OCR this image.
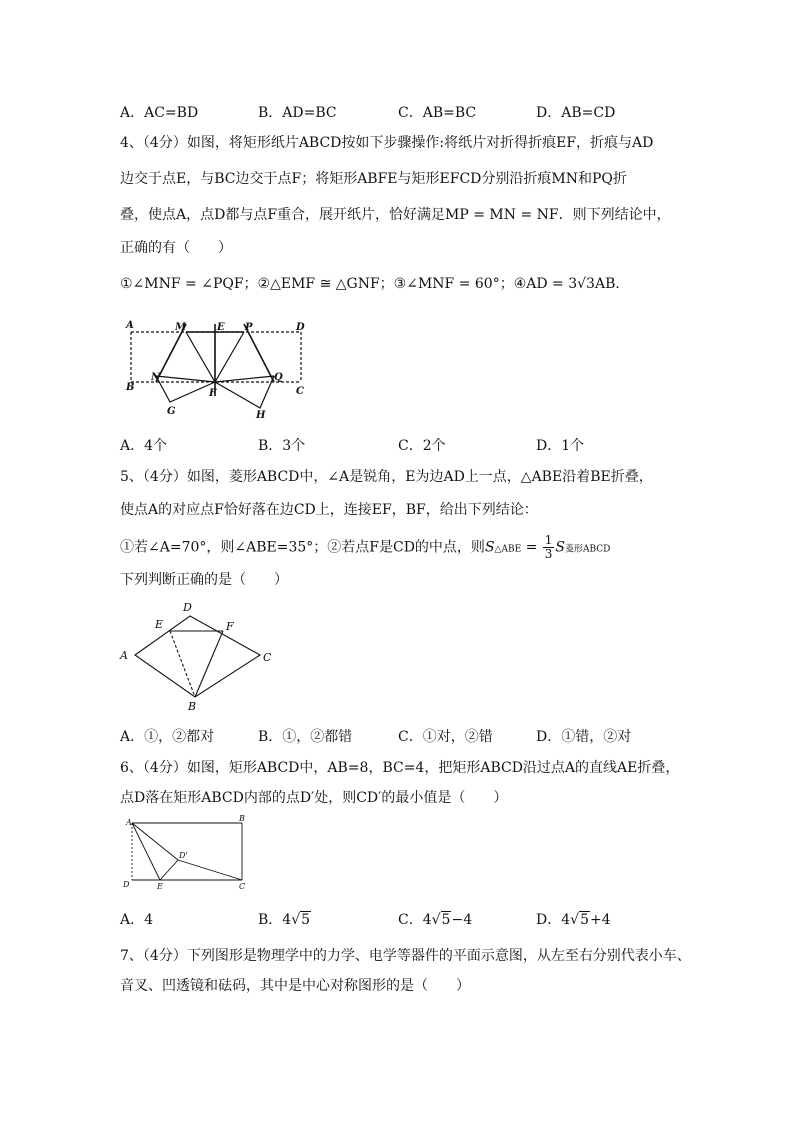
A．AC=BD	B．AD=BC	C．AB=BC	D．AB=CD
4、（4分）如图，将矩形纸片ABCD按如下步骤操作:将纸片对折得折痕EF，折痕与AD
边交于点E，与BC边交于点F；将矩形ABFE与矩形EFCD分别沿折痕MN和PQ折
叠，使点A，点D都与点F重合，展开纸片，恰好满足MP = MN = NF．则下列结论中，
正确的有（　　）
①∠MNF = ∠PQF；②△EMF ≅ △GNF；③∠MNF = 60°；④AD = 3√3AB．
A	M	E P	D
N	Q
B
F	C
G	H
A．4个	B．3个	C．2个	D．1个
5、（4分）如图，菱形ABCD中，∠A是锐角，E为边AD上一点，△ABE沿着BE折叠，
使点A的对应点F恰好落在边CD上，连接EF，BF，给出下列结论：
①若∠A=70°，则∠ABE=35°；②若点F是CD的中点，则S△ABE = $\frac{1}{3}$ S菱形ABCD
下列判断正确的是（　　）
D
E	F
A	C
B
A．①，②都对	B．①，②都错	C．①对，②错	D．①错，②对
6、（4分）如图，矩形ABCD中，AB=8，BC=4，把矩形ABCD沿过点A的直线AE折叠，
点D落在矩形ABCD内部的点D′处，则CD′的最小值是（　　）
A	B
D'
D	E	C
A．4	B．4√5	C．4√5−4	D．4√5+4
7、（4分）下列图形是物理学中的力学、电学等器件的平面示意图，从左至右分别代表小车、
音叉、凹透镜和砝码，其中是中心对称图形的是（　　）
